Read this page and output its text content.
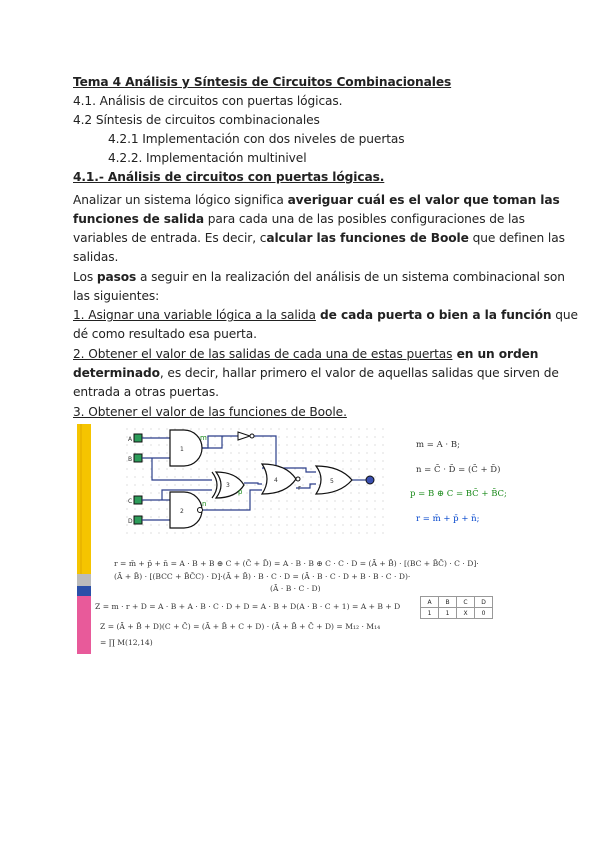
Tema 4 Análisis y Síntesis de Circuitos Combinacionales
4.1. Análisis de circuitos con puertas lógicas.
4.2 Síntesis de circuitos combinacionales
4.2.1 Implementación con dos niveles de puertas
4.2.2. Implementación multinivel
4.1.- Análisis de circuitos con puertas lógicas.
Analizar un sistema lógico significa averiguar cuál es el valor que toman las
funciones de salida para cada una de las posibles configuraciones de las
variables de entrada. Es decir, calcular las funciones de Boole que definen las
salidas.
Los pasos a seguir en la realización del análisis de un sistema combinacional son
las siguientes:
1. Asignar una variable lógica a la salida de cada puerta o bien a la función que
dé como resultado esa puerta.
2. Obtener el valor de las salidas de cada una de estas puertas en un orden
determinado, es decir, hallar primero el valor de aquellas salidas que sirven de
entrada a otras puertas.
3. Obtener el valor de las funciones de Boole.
A
B
C
D
1
2
3
4	5
m
n
p	r
m = A · B;
n = C̄ · D̄ = (C̄ + D̄)
p = B ⊕ C = BC̄ + B̄C;
r = m̄ + p̄ + n̄;
r = m̄ + p̄ + n̄ = A · B + B ⊕ C + (C̄ + D̄) = A · B · B ⊕ C · C · D = (Ā + B̄) · [(BC + B̄C̄) · C · D]·
(Ā + B̄) · [(BCC + B̄C̄C) · D]·(Ā + B̄) · B · C · D = (Ā · B · C · D + B · B · C · D)·
(Ā · B · C · D)
Z = m · r + D = A · B + A · B · C · D + D = A · B + D(A · B · C + 1) = A + B + D
Z = (Ā + B̄ + D)(C + C̄) = (Ā + B̄ + C + D) · (Ā + B̄ + C̄ + D) = M₁₂ · M₁₄
= ∏ M(12,14)
A	B	C	D
1	1	X	0
